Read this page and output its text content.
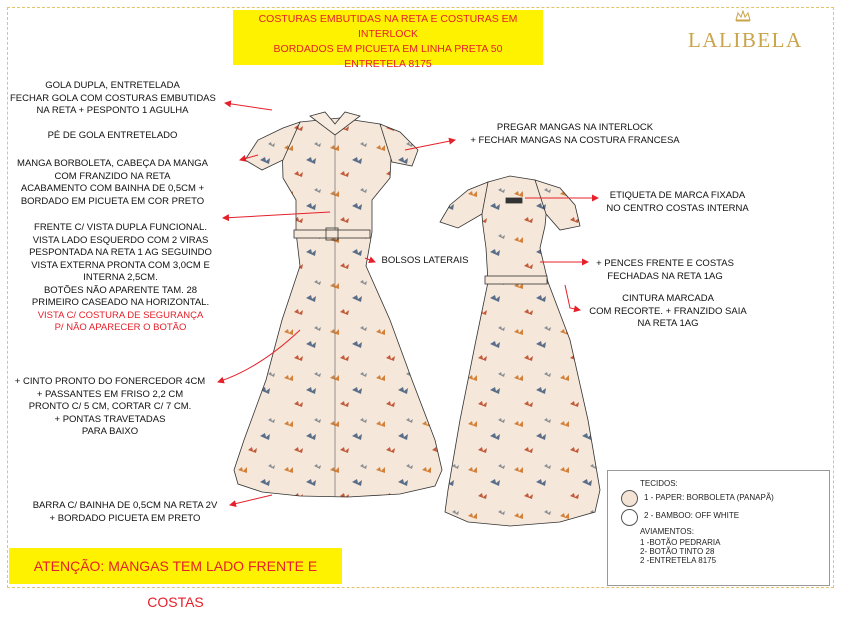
COSTURAS EMBUTIDAS NA RETA E COSTURAS EM INTERLOCK
BORDADOS EM PICUETA EM LINHA PRETA 50
ENTRETELA 8175
LALIBELA
GOLA DUPLA, ENTRETELADA
FECHAR GOLA COM COSTURAS EMBUTIDAS
NA RETA + PESPONTO 1 AGULHA
PÉ DE GOLA ENTRETELADO
MANGA BORBOLETA, CABEÇA DA MANGA
COM FRANZIDO NA RETA
ACABAMENTO COM BAINHA DE 0,5CM +
BORDADO EM PICUETA EM COR PRETO
FRENTE C/ VISTA DUPLA FUNCIONAL.
VISTA LADO ESQUERDO COM 2 VIRAS
PESPONTADA NA RETA 1 AG SEGUINDO
VISTA EXTERNA PRONTA COM 3,0CM E
INTERNA 2,5CM.
BOTÕES NÃO APARENTE TAM. 28
PRIMEIRO CASEADO NA HORIZONTAL.
VISTA C/ COSTURA DE SEGURANÇA
P/ NÃO APARECER O BOTÃO
+ CINTO PRONTO DO FONERCEDOR 4CM
+ PASSANTES EM FRISO 2,2 CM
PRONTO C/ 5 CM, CORTAR C/ 7 CM.
+ PONTAS TRAVETADAS
PARA BAIXO
BARRA C/ BAINHA DE 0,5CM NA RETA 2V
+ BORDADO PICUETA EM PRETO
PREGAR MANGAS NA INTERLOCK
+ FECHAR MANGAS NA COSTURA FRANCESA
BOLSOS LATERAIS
ETIQUETA DE MARCA FIXADA
NO CENTRO COSTAS INTERNA
+ PENCES FRENTE E COSTAS
FECHADAS NA RETA 1AG
CINTURA MARCADA
COM RECORTE. + FRANZIDO SAIA
NA RETA 1AG
ATENÇÃO: MANGAS TEM LADO FRENTE E COSTAS
TECIDOS:
1 - PAPER: BORBOLETA (PANAPÃ)
2 - BAMBOO: OFF WHITE
AVIAMENTOS:
1 -BOTÃO PEDRARIA
2- BOTÃO TINTO 28
2 -ENTRETELA 8175
